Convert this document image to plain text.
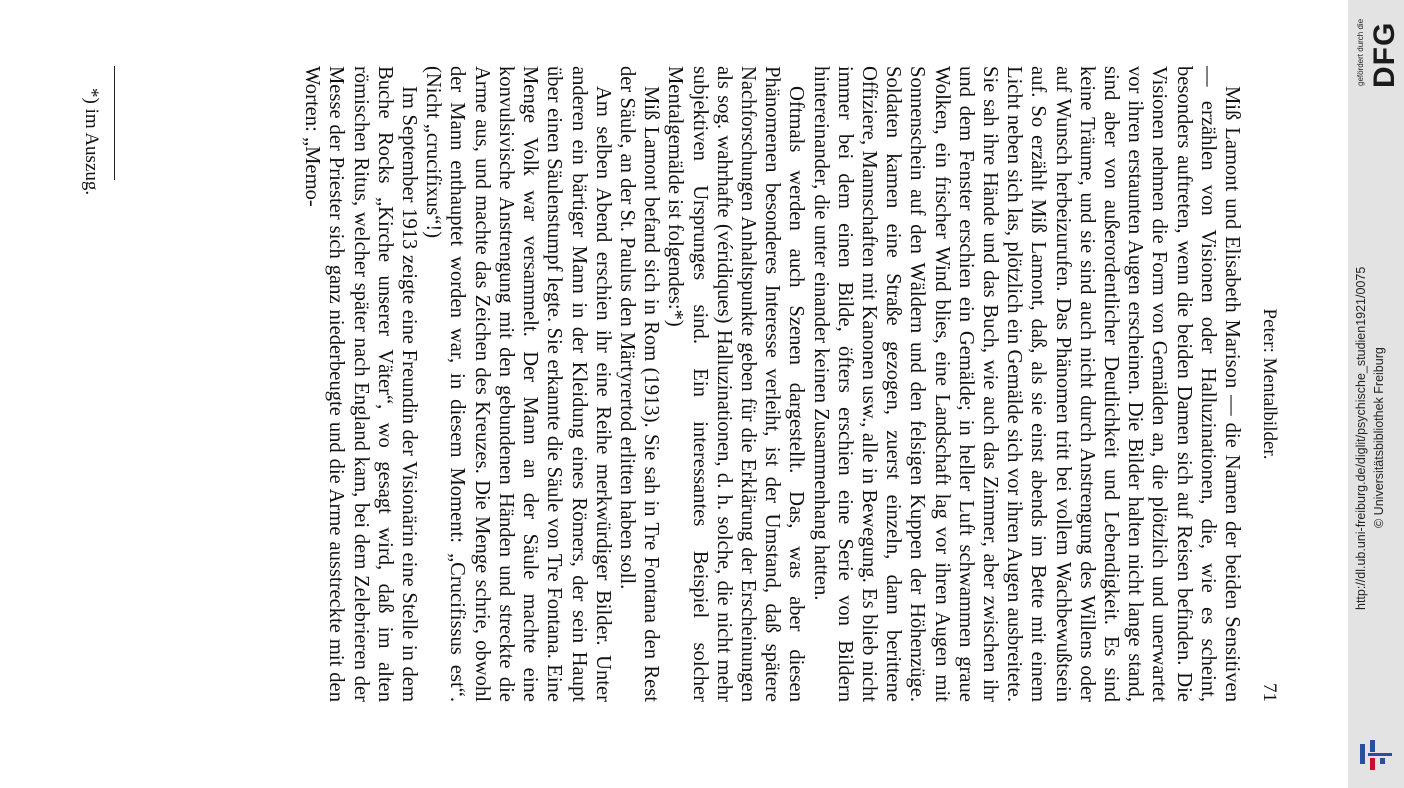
Peter: Mentalbilder.
71

Miß Lamont und Elisabeth Marison — die Namen der beiden Sensitiven — erzählen von Visionen oder Halluzinationen, die, wie es scheint, besonders auftreten, wenn die beiden Damen sich auf Reisen befinden. Die Visionen nehmen die Form von Gemälden an, die plötzlich und unerwartet vor ihren erstaunten Augen erscheinen. Die Bilder halten nicht lange stand, sind aber von außerordentlicher Deutlichkeit und Lebendigkeit. Es sind keine Träume, und sie sind auch nicht durch Anstrengung des Willens oder auf Wunsch herbeizurufen. Das Phänomen tritt bei vollem Wachbewußtsein auf. So erzählt Miß Lamont, daß, als sie einst abends im Bette mit einem Licht neben sich las, plötzlich ein Gemälde sich vor ihren Augen ausbreitete. Sie sah ihre Hände und das Buch, wie auch das Zimmer, aber zwischen ihr und dem Fenster erschien ein Gemälde; in heller Luft schwammen graue Wolken, ein frischer Wind blies, eine Landschaft lag vor ihren Augen mit Sonnenschein auf den Wäldern und den felsigen Kuppen der Höhenzüge. Soldaten kamen eine Straße gezogen, zuerst einzeln, dann berittene Offiziere, Mannschaften mit Kanonen usw., alle in Bewegung. Es blieb nicht immer bei dem einen Bilde, öfters erschien eine Serie von Bildern hintereinander, die unter einander keinen Zusammenhang hatten.

Oftmals werden auch Szenen dargestellt. Das, was aber diesen Phänomenen besonderes Interesse verleiht, ist der Umstand, daß spätere Nachforschungen Anhaltspunkte geben für die Erklärung der Erscheinungen als sog. wahrhafte (véridiques) Halluzinationen, d. h. solche, die nicht mehr subjektiven Ursprunges sind. Ein interessantes Beispiel solcher Mentalgemälde ist folgendes:*)

Miß Lamont befand sich in Rom (1913). Sie sah in Tre Fontana den Rest der Säule, an der St. Paulus den Märtyrertod erlitten haben soll.

Am selben Abend erschien ihr eine Reihe merkwürdiger Bilder. Unter anderen ein bärtiger Mann in der Kleidung eines Römers, der sein Haupt über einen Säulenstumpf legte. Sie erkannte die Säule von Tre Fontana. Eine Menge Volk war versammelt. Der Mann an der Säule machte eine konvulsivische Anstrengung mit den gebundenen Händen und streckte die Arme aus, und machte das Zeichen des Kreuzes. Die Menge schrie, obwohl der Mann enthauptet worden war, in diesem Moment: „Crucifissus est“. (Nicht „crucifixus“!)

Im September 1913 zeigte eine Freundin der Visionärin eine Stelle in dem Buche Rocks „Kirche unserer Väter“, wo gesagt wird, daß im alten römischen Ritus, welcher später nach England kam, bei dem Zelebrieren der Messe der Priester sich ganz niederbeugte und die Arme ausstreckte mit den Worten: „Memo-

*) im Auszug.
http://dl.ub.uni-freiburg.de/diglit/psychische_studien1921/0075 © Universitätsbibliothek Freiburg
gefördert durch die DFG
